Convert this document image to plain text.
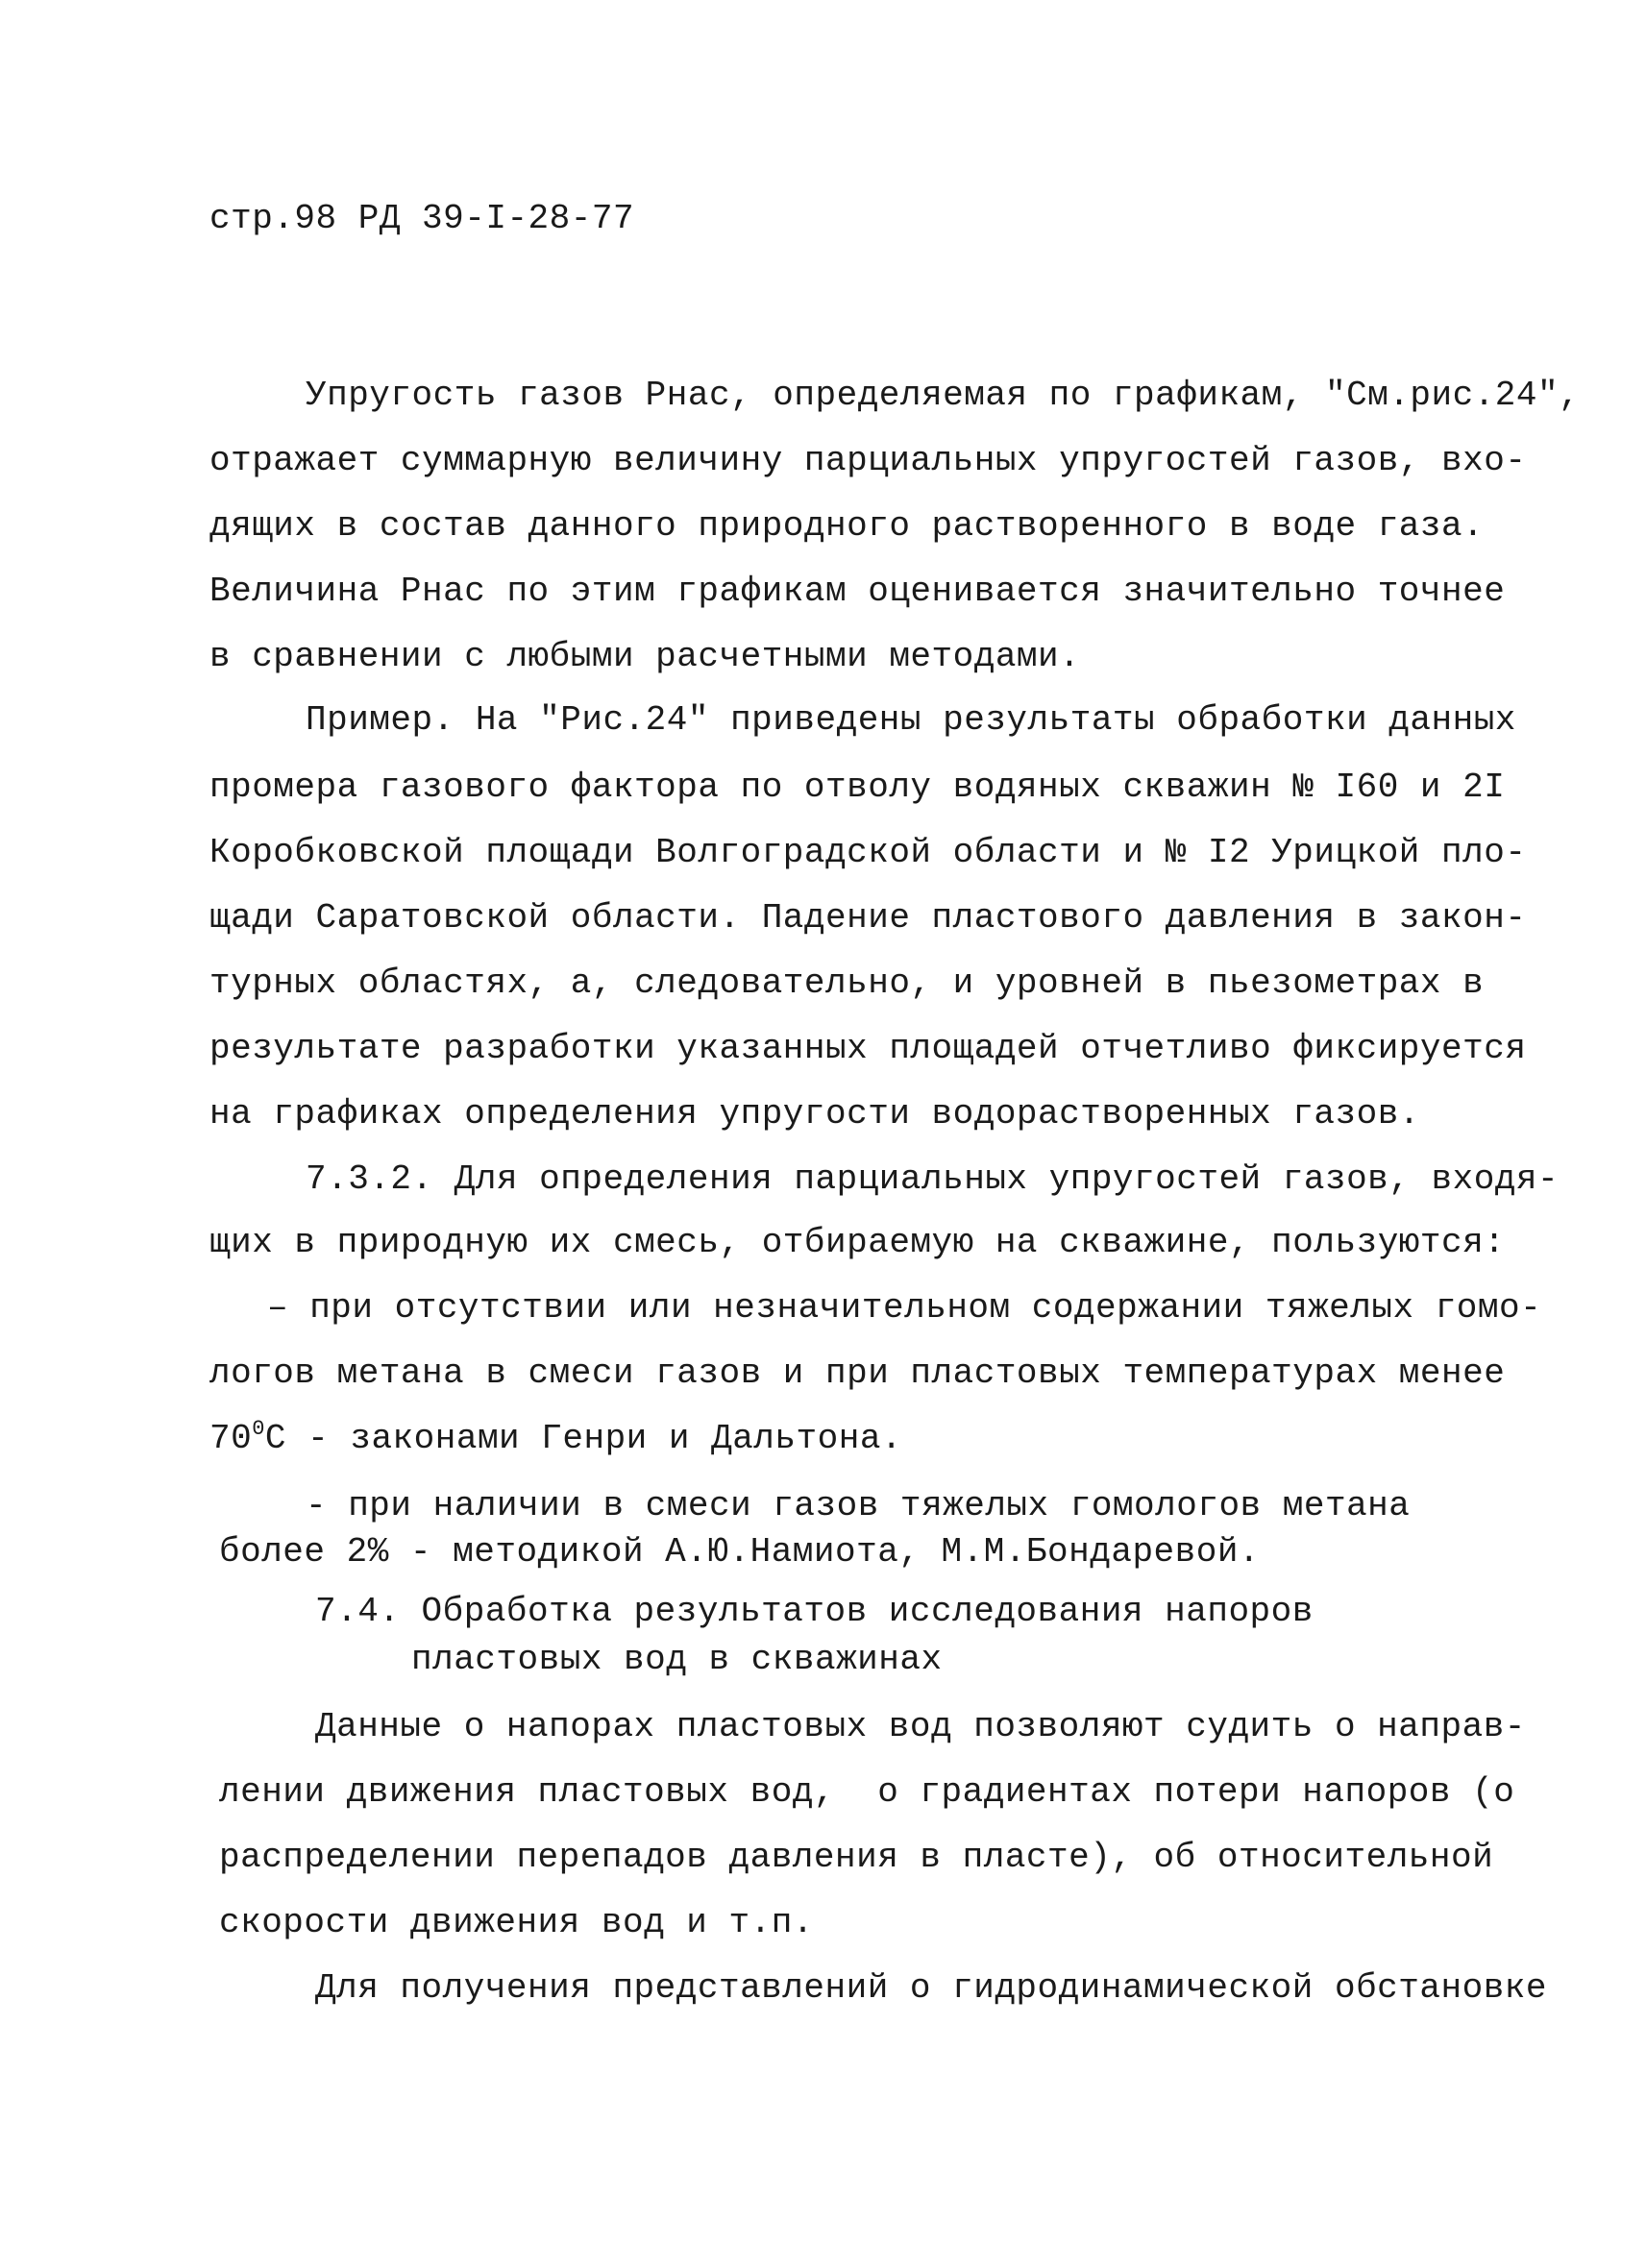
стр.98 РД 39-I-28-77
Упругость газов Рнас, определяемая по графикам, "См.рис.24",
отражает суммарную величину парциальных упругостей газов, вхо-
дящих в состав данного природного растворенного в воде газа.
Величина Рнас по этим графикам оценивается значительно точнее
в сравнении с любыми расчетными методами.
Пример. На "Рис.24" приведены результаты обработки данных
промера газового фактора по отволу водяных скважин № I60 и 2I
Коробковской площади Волгоградской области и № I2 Урицкой пло-
щади Саратовской области. Падение пластового давления в закон-
турных областях, а, следовательно, и уровней в пьезометрах в
результате разработки указанных площадей отчетливо фиксируется
на графиках определения упругости водорастворенных газов.
7.3.2. Для определения парциальных упругостей газов, входя-
щих в природную их смесь, отбираемую на скважине, пользуются:
– при отсутствии или незначительном содержании тяжелых гомо-
логов метана в смеси газов и при пластовых температурах менее
$70^0С$ - законами Генри и Дальтона.
- при наличии в смеси газов тяжелых гомологов метана
более 2% - методикой А.Ю.Намиота, М.М.Бондаревой.
7.4. Обработка результатов исследования напоров
пластовых вод в скважинах
Данные о напорах пластовых вод позволяют судить о направ-
лении движения пластовых вод,  о градиентах потери напоров (о
распределении перепадов давления в пласте), об относительной
скорости движения вод и т.п.
Для получения представлений о гидродинамической обстановке
